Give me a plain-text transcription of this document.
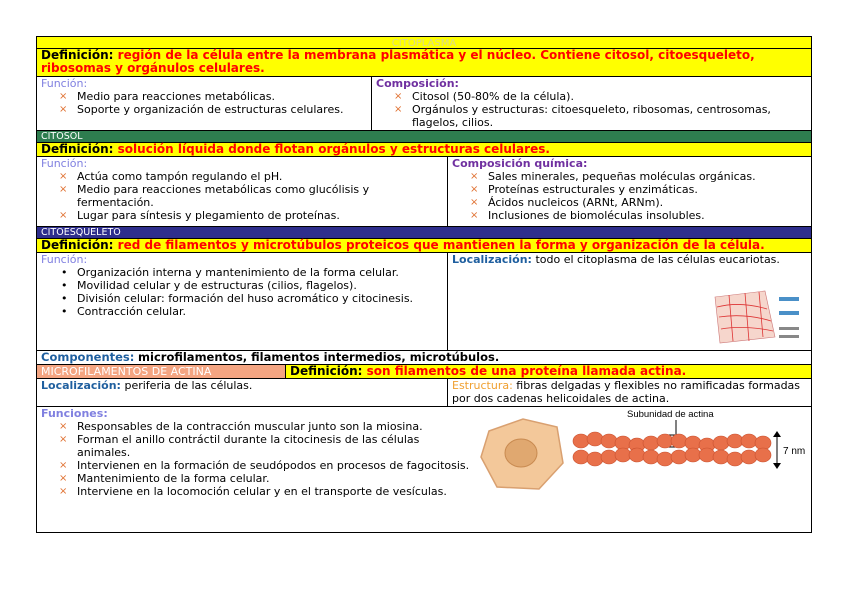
CITOPLASMA
Definición: región de la célula entre la membrana plasmática y el núcleo. Contiene citosol, citoesqueleto, ribosomas y orgánulos celulares.
Función:
× Medio para reacciones metabólicas.
× Soporte y organización de estructuras celulares.
Composición:
× Citosol (50-80% de la célula).
× Orgánulos y estructuras: citoesqueleto, ribosomas, centrosomas, flagelos, cilios.
CITOSOL
Definición: solución líquida donde flotan orgánulos y estructuras celulares.
Función:
× Actúa como tampón regulando el pH.
× Medio para reacciones metabólicas como glucólisis y fermentación.
× Lugar para síntesis y plegamiento de proteínas.
Composición química:
× Sales minerales, pequeñas moléculas orgánicas.
× Proteínas estructurales y enzimáticas.
× Ácidos nucleicos (ARNt, ARNm).
× Inclusiones de biomoléculas insolubles.
CITOESQUELETO
Definición: red de filamentos y microtúbulos proteicos que mantienen la forma y organización de la célula.
Función:
• Organización interna y mantenimiento de la forma celular.
• Movilidad celular y de estructuras (cilios, flagelos).
• División celular: formación del huso acromático y citocinesis.
• Contracción celular.
Localización: todo el citoplasma de las células eucariotas.
Componentes: microfilamentos, filamentos intermedios, microtúbulos.
MICROFILAMENTOS DE ACTINA	Definición: son filamentos de una proteína llamada actina.
Localización: periferia de las células.	Estructura: fibras delgadas y flexibles no ramificadas formadas por dos cadenas helicoidales de actina.
Funciones:
× Responsables de la contracción muscular junto son la miosina.
× Forman el anillo contráctil durante la citocinesis de las células animales.
× Intervienen en la formación de seudópodos en procesos de fagocitosis.
× Mantenimiento de la forma celular.
× Interviene en la locomoción celular y en el transporte de vesículas.
Subunidad de actina
7 nm
